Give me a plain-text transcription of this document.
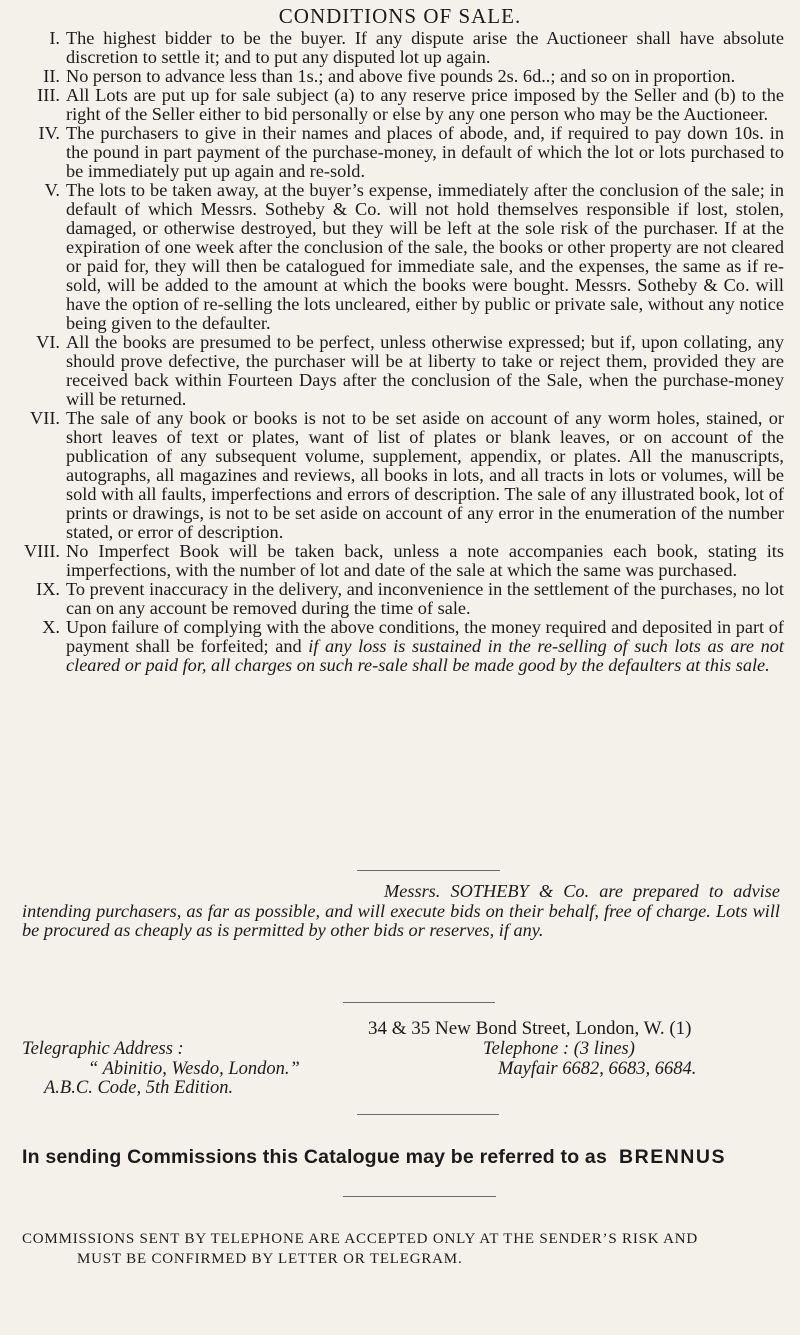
CONDITIONS OF SALE.
I. The highest bidder to be the buyer. If any dispute arise the Auctioneer shall have absolute discretion to settle it; and to put any disputed lot up again.
II. No person to advance less than 1s.; and above five pounds 2s. 6d..; and so on in proportion.
III. All Lots are put up for sale subject (a) to any reserve price imposed by the Seller and (b) to the right of the Seller either to bid personally or else by any one person who may be the Auctioneer.
IV. The purchasers to give in their names and places of abode, and, if required to pay down 10s. in the pound in part payment of the purchase-money, in default of which the lot or lots purchased to be immediately put up again and re-sold.
V. The lots to be taken away, at the buyer’s expense, immediately after the conclusion of the sale; in default of which Messrs. Sotheby & Co. will not hold themselves responsible if lost, stolen, damaged, or otherwise destroyed, but they will be left at the sole risk of the purchaser. If at the expiration of one week after the conclusion of the sale, the books or other property are not cleared or paid for, they will then be catalogued for immediate sale, and the expenses, the same as if re-sold, will be added to the amount at which the books were bought. Messrs. Sotheby & Co. will have the option of re-selling the lots uncleared, either by public or private sale, without any notice being given to the defaulter.
VI. All the books are presumed to be perfect, unless otherwise expressed; but if, upon collating, any should prove defective, the purchaser will be at liberty to take or reject them, provided they are received back within Fourteen Days after the conclusion of the Sale, when the purchase-money will be returned.
VII. The sale of any book or books is not to be set aside on account of any worm holes, stained, or short leaves of text or plates, want of list of plates or blank leaves, or on account of the publication of any subsequent volume, supplement, appendix, or plates. All the manuscripts, autographs, all magazines and reviews, all books in lots, and all tracts in lots or volumes, will be sold with all faults, imperfections and errors of description. The sale of any illustrated book, lot of prints or drawings, is not to be set aside on account of any error in the enumeration of the number stated, or error of description.
VIII. No Imperfect Book will be taken back, unless a note accompanies each book, stating its imperfections, with the number of lot and date of the sale at which the same was purchased.
IX. To prevent inaccuracy in the delivery, and inconvenience in the settlement of the purchases, no lot can on any account be removed during the time of sale.
X. Upon failure of complying with the above conditions, the money required and deposited in part of payment shall be forfeited; and if any loss is sustained in the re-selling of such lots as are not cleared or paid for, all charges on such re-sale shall be made good by the defaulters at this sale.
Messrs. SOTHEBY & Co. are prepared to advise intending purchasers, as far as possible, and will execute bids on their behalf, free of charge. Lots will be procured as cheaply as is permitted by other bids or reserves, if any.
34 & 35 New Bond Street, London, W. (1)
Telegraphic Address :
“ Abinitio, Wesdo, London.”
A.B.C. Code, 5th Edition.
Telephone : (3 lines)
Mayfair 6682, 6683, 6684.
In sending Commissions this Catalogue may be referred to as BRENNUS
COMMISSIONS SENT BY TELEPHONE ARE ACCEPTED ONLY AT THE SENDER’S RISK AND
MUST BE CONFIRMED BY LETTER OR TELEGRAM.
